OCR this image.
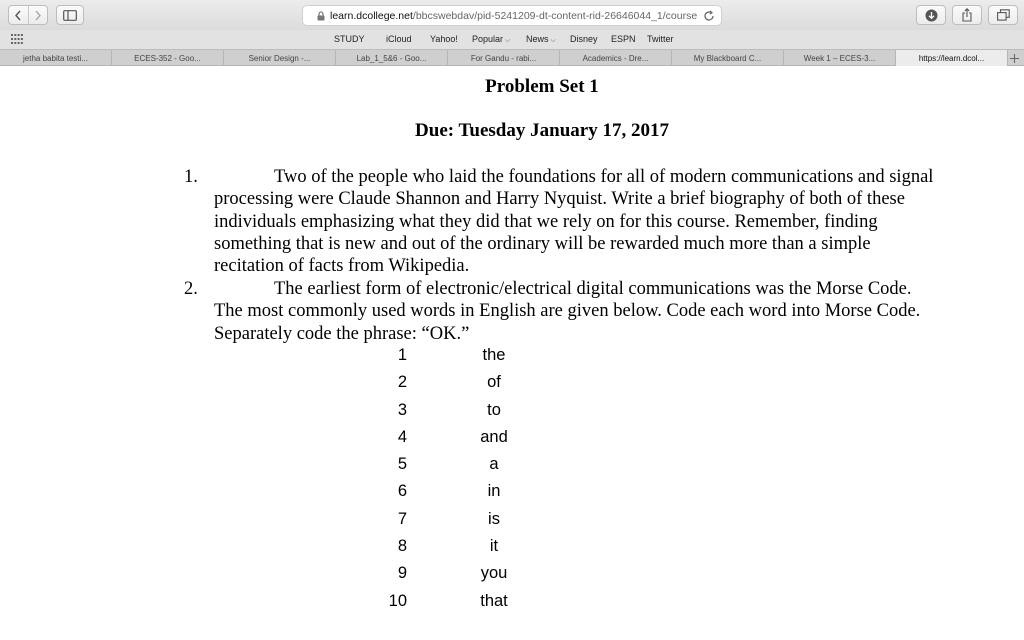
learn.dcollege.net/bbcswebdav/pid-5241209-dt-content-rid-26646044_1/course
STUDY iCloud Yahoo! Popular ⌵ News ⌵ Disney ESPN Twitter
jetha babita testi...	ECES-352 - Goo...	Senior Design -...	Lab_1_5&6 - Goo...	For Gandu - rabi...	Academics - Dre...	My Blackboard C...	Week 1 – ECES-3...	https://learn.dcol...
Problem Set 1
Due: Tuesday January 17, 2017
1.	Two of the people who laid the foundations for all of modern communications and signal processing were Claude Shannon and Harry Nyquist. Write a brief biography of both of these individuals emphasizing what they did that we rely on for this course. Remember, finding something that is new and out of the ordinary will be rewarded much more than a simple recitation of facts from Wikipedia.
2.	The earliest form of electronic/electrical digital communications was the Morse Code. The most commonly used words in English are given below. Code each word into Morse Code. Separately code the phrase: “OK.”
1	the
2	of
3	to
4	and
5	a
6	in
7	is
8	it
9	you
10	that
